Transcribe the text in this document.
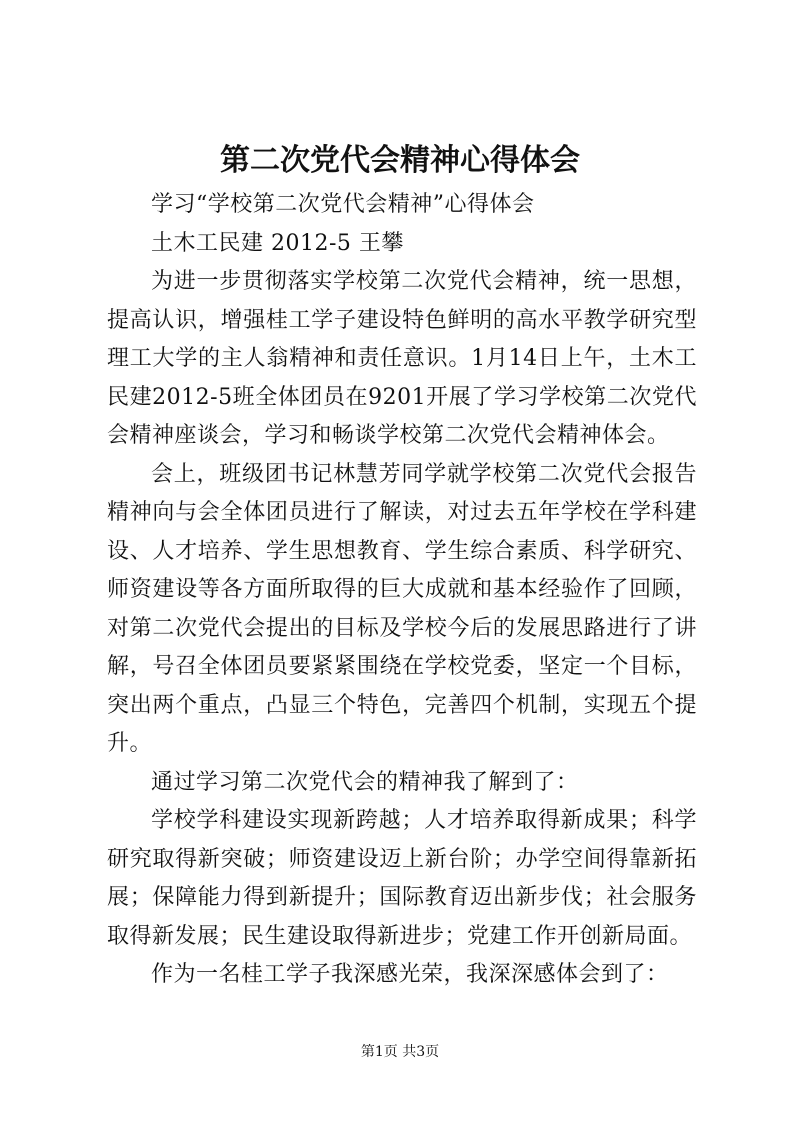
第二次党代会精神心得体会

学习“学校第二次党代会精神”心得体会

土木工民建 2012-5 王攀

为进一步贯彻落实学校第二次党代会精神，统一思想，提高认识，增强桂工学子建设特色鲜明的高水平教学研究型理工大学的主人翁精神和责任意识。1月14日上午，土木工民建2012-5班全体团员在9201开展了学习学校第二次党代会精神座谈会，学习和畅谈学校第二次党代会精神体会。

会上，班级团书记林慧芳同学就学校第二次党代会报告精神向与会全体团员进行了解读，对过去五年学校在学科建设、人才培养、学生思想教育、学生综合素质、科学研究、师资建设等各方面所取得的巨大成就和基本经验作了回顾，对第二次党代会提出的目标及学校今后的发展思路进行了讲解，号召全体团员要紧紧围绕在学校党委，坚定一个目标，突出两个重点，凸显三个特色，完善四个机制，实现五个提升。

通过学习第二次党代会的精神我了解到了：

学校学科建设实现新跨越；人才培养取得新成果；科学研究取得新突破；师资建设迈上新台阶；办学空间得靠新拓展；保障能力得到新提升；国际教育迈出新步伐；社会服务取得新发展；民生建设取得新进步；党建工作开创新局面。

作为一名桂工学子我深感光荣，我深深感体会到了：

第1页 共3页
